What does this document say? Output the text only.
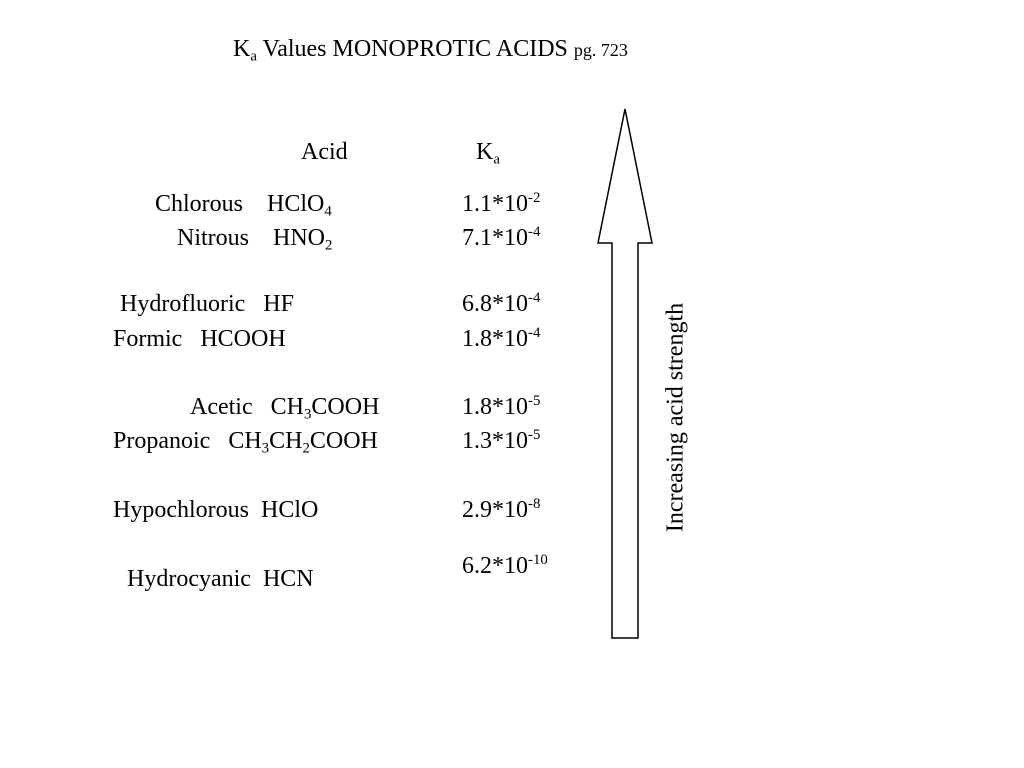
$K_a$ Values MONOPROTIC ACIDS pg. 723
Acid	$K_a$
Chlorous HClO$_4$
Nitrous $HNO_2$
Hydrofluoric HF
Formic HCOOH
Acetic $CH_3COOH$
Propanoic $CH_3CH_2COOH$
Hypochlorous HClO
Hydrocyanic HCN
$1.1*10^{-2}$
$7.1*10^{-4}$
$6.8*10^{-4}$
$1.8*10^{-4}$
$1.8*10^{-5}$
$1.3*10^{-5}$
$2.9*10^{-8}$
$6.2*10^{-10}$
Increasing acid strength
